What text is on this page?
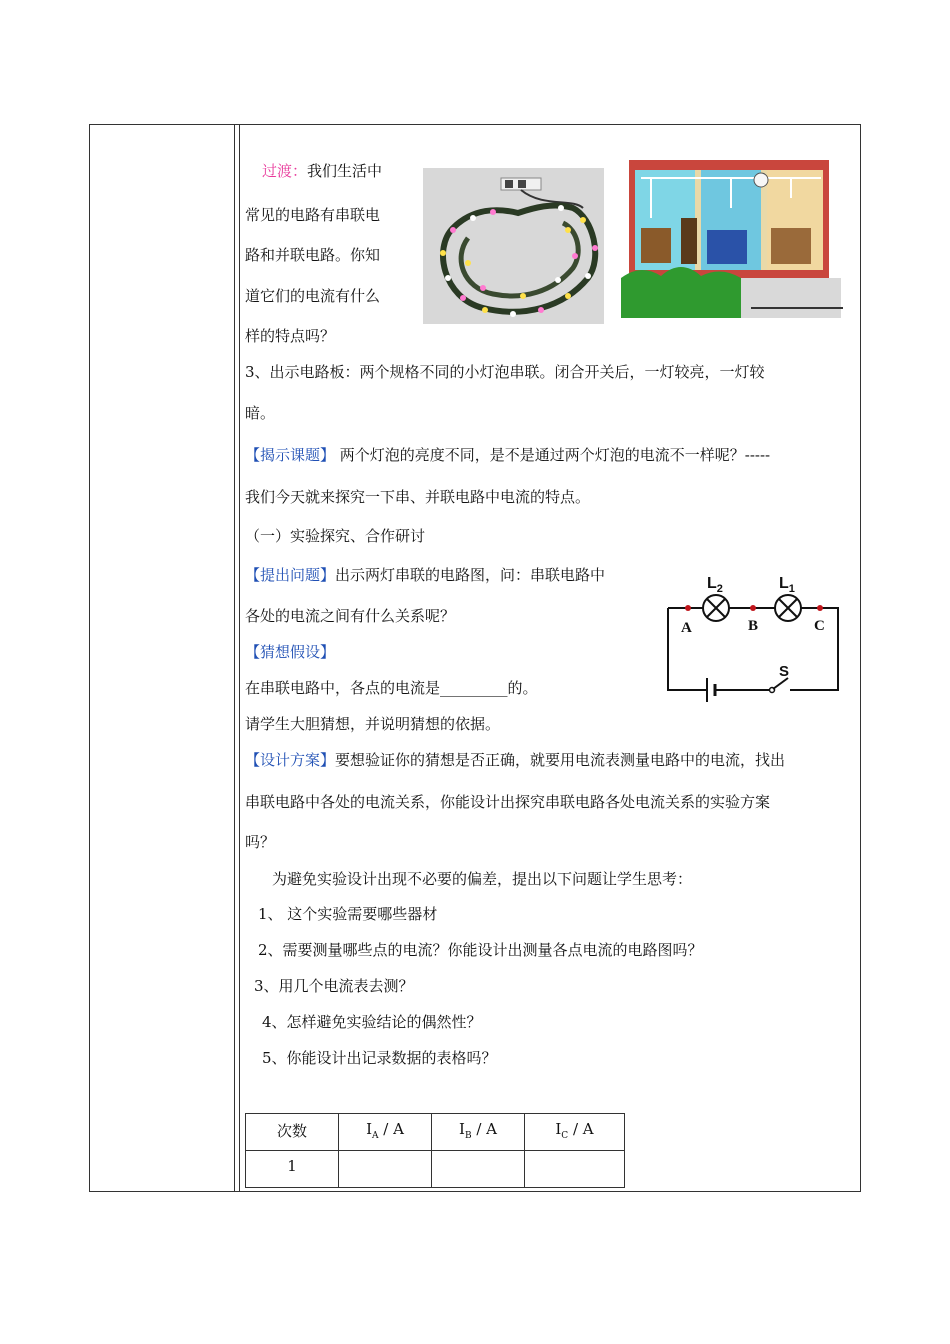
过渡：我们生活中
常见的电路有串联电
路和并联电路。你知
道它们的电流有什么
样的特点吗？
3、出示电路板：两个规格不同的小灯泡串联。闭合开关后，一灯较亮，一灯较
暗。
【揭示课题】 两个灯泡的亮度不同，是不是通过两个灯泡的电流不一样呢？-----
我们今天就来探究一下串、并联电路中电流的特点。
（一）实验探究、合作研讨
【提出问题】出示两灯串联的电路图，问：串联电路中
各处的电流之间有什么关系呢？
【猜想假设】
在串联电路中，各点的电流是_________的。
请学生大胆猜想，并说明猜想的依据。
$L_2$	$L_1$
A	B	C
S
【设计方案】要想验证你的猜想是否正确，就要用电流表测量电路中的电流，找出
串联电路中各处的电流关系，你能设计出探究串联电路各处电流关系的实验方案
吗？
为避免实验设计出现不必要的偏差，提出以下问题让学生思考：
1、 这个实验需要哪些器材
2、需要测量哪些点的电流？你能设计出测量各点电流的电路图吗？
3、用几个电流表去测？
4、怎样避免实验结论的偶然性？
5、你能设计出记录数据的表格吗？
次数	$I_A$ / A	$I_B$ / A	$I_C$ / A
1			
